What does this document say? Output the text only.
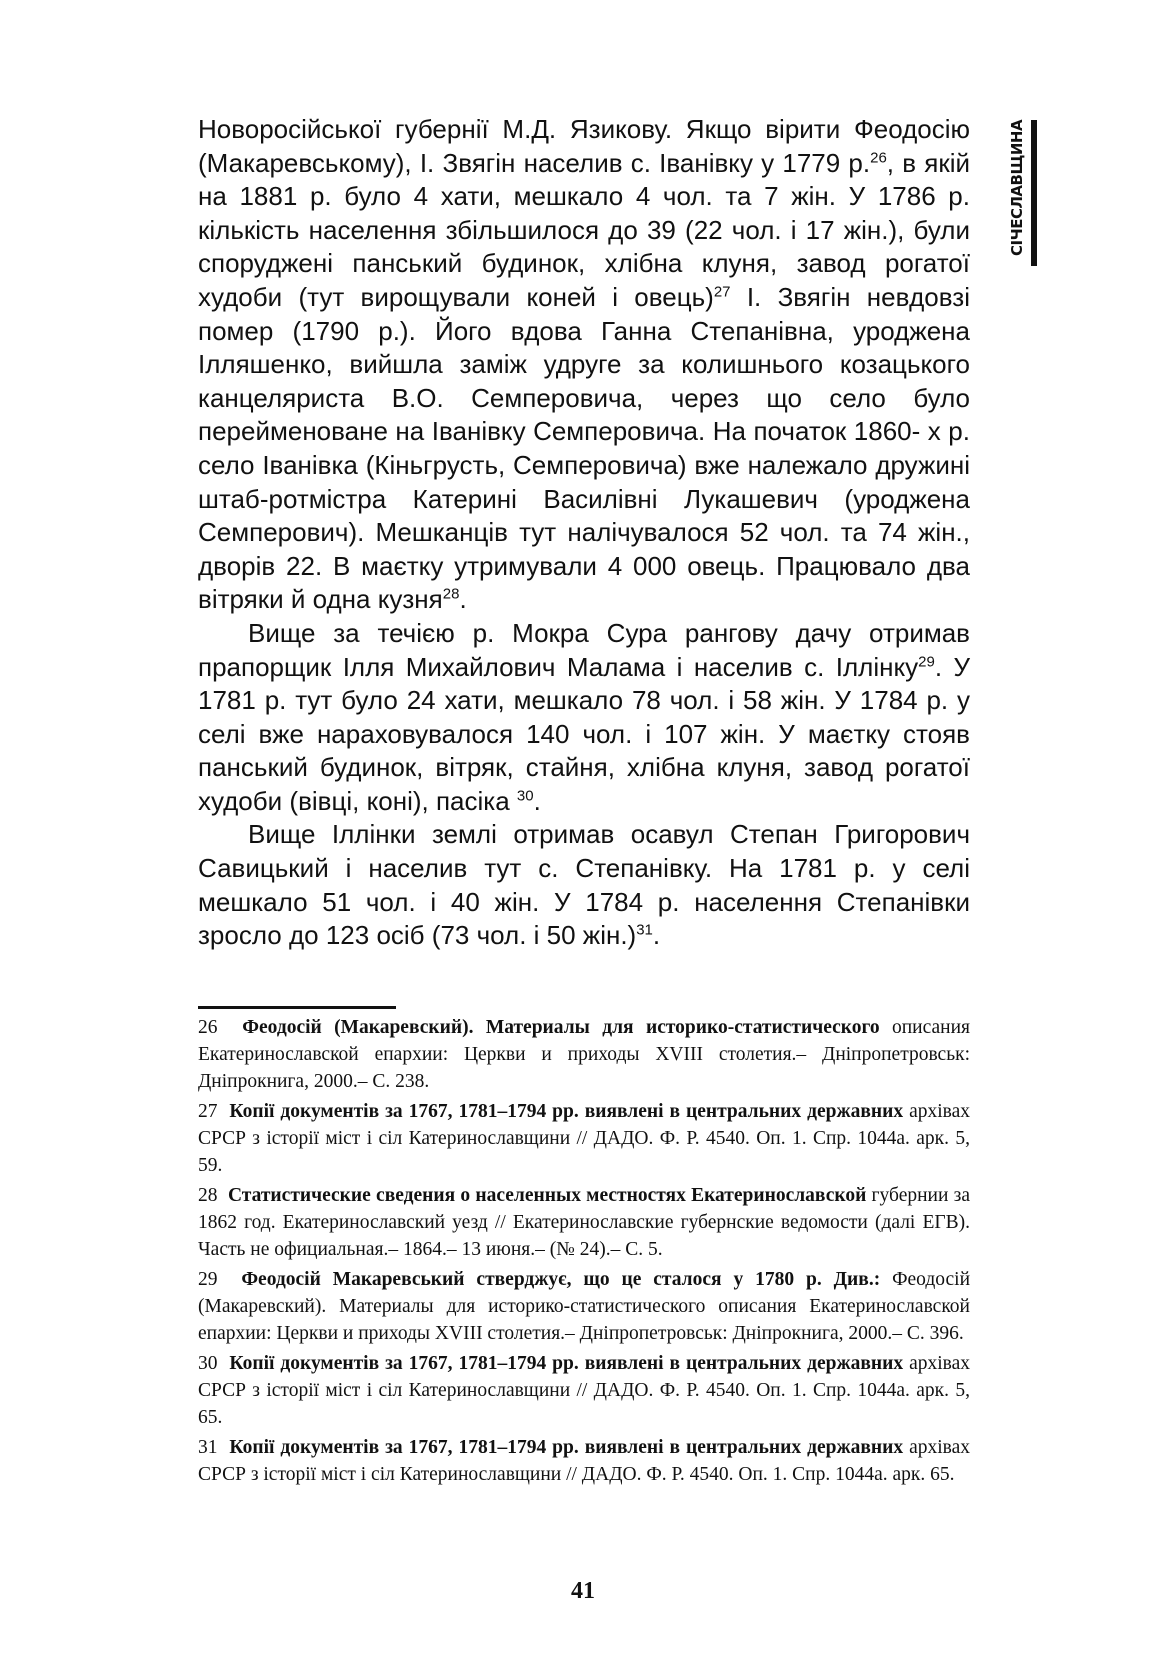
СІЧЕСЛАВЩИНА

Новоросійської губернії М.Д. Язикову. Якщо вірити Феодосію (Макаревському), І. Звягін населив с. Іванівку у 1779 р.$^{26}$, в якій на 1881 р. було 4 хати, мешкало 4 чол. та 7 жін. У 1786 р. кількість населення збільшилося до 39 (22 чол. і 17 жін.), були споруджені панський будинок, хлібна клуня, завод рогатої худоби (тут вирощували коней і овець)$^{27}$ І. Звягін невдовзі помер (1790 р.). Його вдова Ганна Степанівна, уроджена Ілляшенко, вийшла заміж удруге за колишнього козацького канцеляриста В.О. Семперовича, через що село було перейменоване на Іванівку Семперовича. На початок 1860- х р. село Іванівка (Кіньгрусть, Семперовича) вже належало дружині штаб-ротмістра Катерині Василівні Лукашевич (уроджена Семперович). Мешканців тут налічувалося 52 чол. та 74 жін., дворів 22. В маєтку утримували 4 000 овець. Працювало два вітряки й одна кузня$^{28}$.

Вище за течією р. Мокра Сура рангову дачу отримав прапорщик Ілля Михайлович Малама і населив с. Іллінку$^{29}$. У 1781 р. тут було 24 хати, мешкало 78 чол. і 58 жін. У 1784 р. у селі вже нараховувалося 140 чол. і 107 жін. У маєтку стояв панський будинок, вітряк, стайня, хлібна клуня, завод рогатої худоби (вівці, коні), пасіка $^{30}$.

Вище Іллінки землі отримав осавул Степан Григорович Савицький і населив тут с. Степанівку. На 1781 р. у селі мешкало 51 чол. і 40 жін. У 1784 р. населення Степанівки зросло до 123 осіб (73 чол. і 50 жін.)$^{31}$.

26 Феодосій (Макаревский). Материалы для историко-статистического описания Екатеринославской епархии: Церкви и приходы XVIII столетия.– Дніпропетровськ: Дніпрокнига, 2000.– С. 238.
27 Копії документів за 1767, 1781–1794 рр. виявлені в центральних державних архівах СРСР з історії міст і сіл Катеринославщини // ДАДО. Ф. Р. 4540. Оп. 1. Спр. 1044а. арк. 5, 59.
28 Статистические сведения о населенных местностях Екатеринославской губернии за 1862 год. Екатеринославский уезд // Екатеринославские губернские ведомости (далі ЕГВ). Часть не официальная.– 1864.– 13 июня.– (№ 24).– С. 5.
29 Феодосій Макаревський стверджує, що це сталося у 1780 р. Див.: Феодосій (Макаревский). Материалы для историко-статистического описания Екатеринославской епархии: Церкви и приходы XVIII столетия.– Дніпропетровськ: Дніпрокнига, 2000.– С. 396.
30 Копії документів за 1767, 1781–1794 рр. виявлені в центральних державних архівах СРСР з історії міст і сіл Катеринославщини // ДАДО. Ф. Р. 4540. Оп. 1. Спр. 1044а. арк. 5, 65.
31 Копії документів за 1767, 1781–1794 рр. виявлені в центральних державних архівах СРСР з історії міст і сіл Катеринославщини // ДАДО. Ф. Р. 4540. Оп. 1. Спр. 1044а. арк. 65.
41
